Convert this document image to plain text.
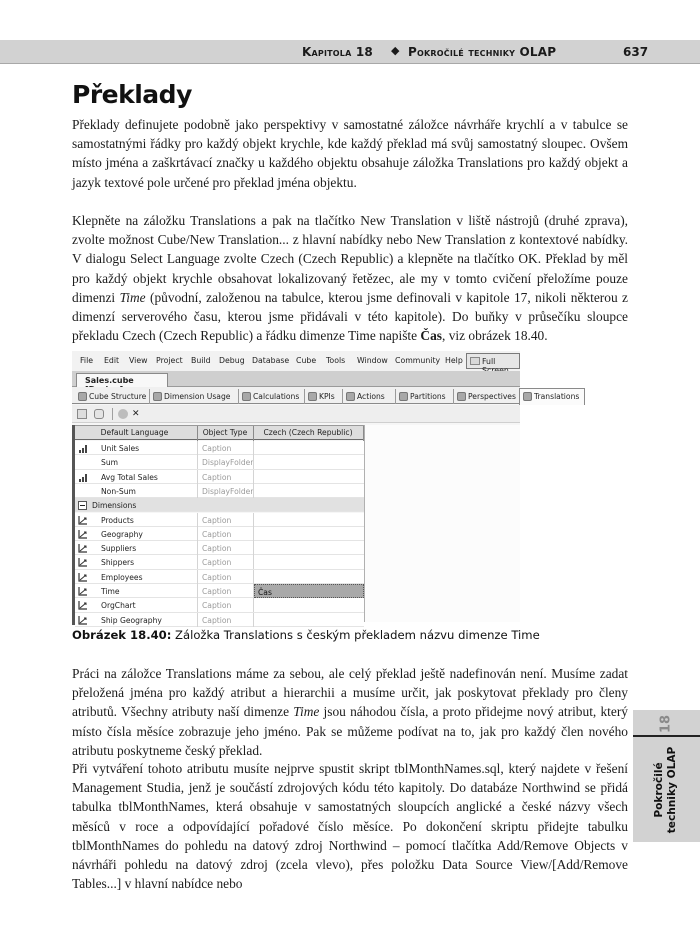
Kapitola 18 ◆ Pokročilé techniky OLAP	637
Překlady

Překlady definujete podobně jako perspektivy v samostatné záložce návrháře krychlí a v tabulce se samostatnými řádky pro každý objekt krychle, kde každý překlad má svůj samostatný sloupec. Ovšem místo jména a zaškrtávací značky u každého objektu obsahuje záložka Translations pro každý objekt a jazyk textové pole určené pro překlad jména objektu.

Klepněte na záložku Translations a pak na tlačítko New Translation v liště nástrojů (druhé zprava), zvolte možnost Cube/New Translation... z hlavní nabídky nebo New Translation z kontextové nabídky. V dialogu Select Language zvolte Czech (Czech Republic) a klepněte na tlačítko OK. Překlad by měl pro každý objekt krychle obsahovat lokalizovaný řetězec, ale my v tomto cvičení přeložíme pouze dimenzi Time (původní, založenou na tabulce, kterou jsme definovali v kapitole 17, nikoli některou z dimenzí serverového času, kterou jsme přidávali v této kapitole). Do buňky v průsečíku sloupce překladu Czech (Czech Republic) a řádku dimenze Time napište Čas, viz obrázek 18.40.

File Edit View Project Build Debug Database Cube Tools Window Community Help	Full
Sales.cube
Cube Structure	Dimension Usage	Calculations	KPIs	Actions	Partitions	Perspectives	Translations
✕
Default Language	Object Type	Czech (Czech Republic)
Unit Sales	Caption
Sum	DisplayFolder
Avg Total Sales	Caption
Non-Sum	DisplayFolder
Dimensions
Products	Caption
Geography	Caption
Suppliers	Caption
Shippers	Caption
Employees	Caption
Time	Caption	Čas
OrgChart	Caption
Ship Geography	Caption
Obrázek 18.40: Záložka Translations s českým překladem názvu dimenze Time

Práci na záložce Translations máme za sebou, ale celý překlad ještě nadefinován není. Musíme zadat přeložená jména pro každý atribut a hierarchii a musíme určit, jak poskytovat překlady pro členy atributů. Všechny atributy naší dimenze Time jsou náhodou čísla, a proto přidejme nový atribut, který místo čísla měsíce zobrazuje jeho jméno. Pak se můžeme podívat na to, jak pro každý člen nového atributu poskytneme český překlad.

Při vytváření tohoto atributu musíte nejprve spustit skript tblMonthNames.sql, který najdete v řešení Management Studia, jenž je součástí zdrojových kódu této kapitoly. Do databáze Northwind se přidá tabulka tblMonthNames, která obsahuje v samostatných sloupcích anglické a české názvy všech měsíců v roce a odpovídající pořadové číslo měsíce. Po dokončení skriptu přidejte tabulku tblMonthNames do pohledu na datový zdroj Northwind – pomocí tlačítka Add/Remove Objects v návrháři pohledu na datový zdroj (zcela vlevo), přes položku Data Source View/[Add/Remove Tables...] v hlavní nabídce nebo

18
Pokročilé techniky OLAP
